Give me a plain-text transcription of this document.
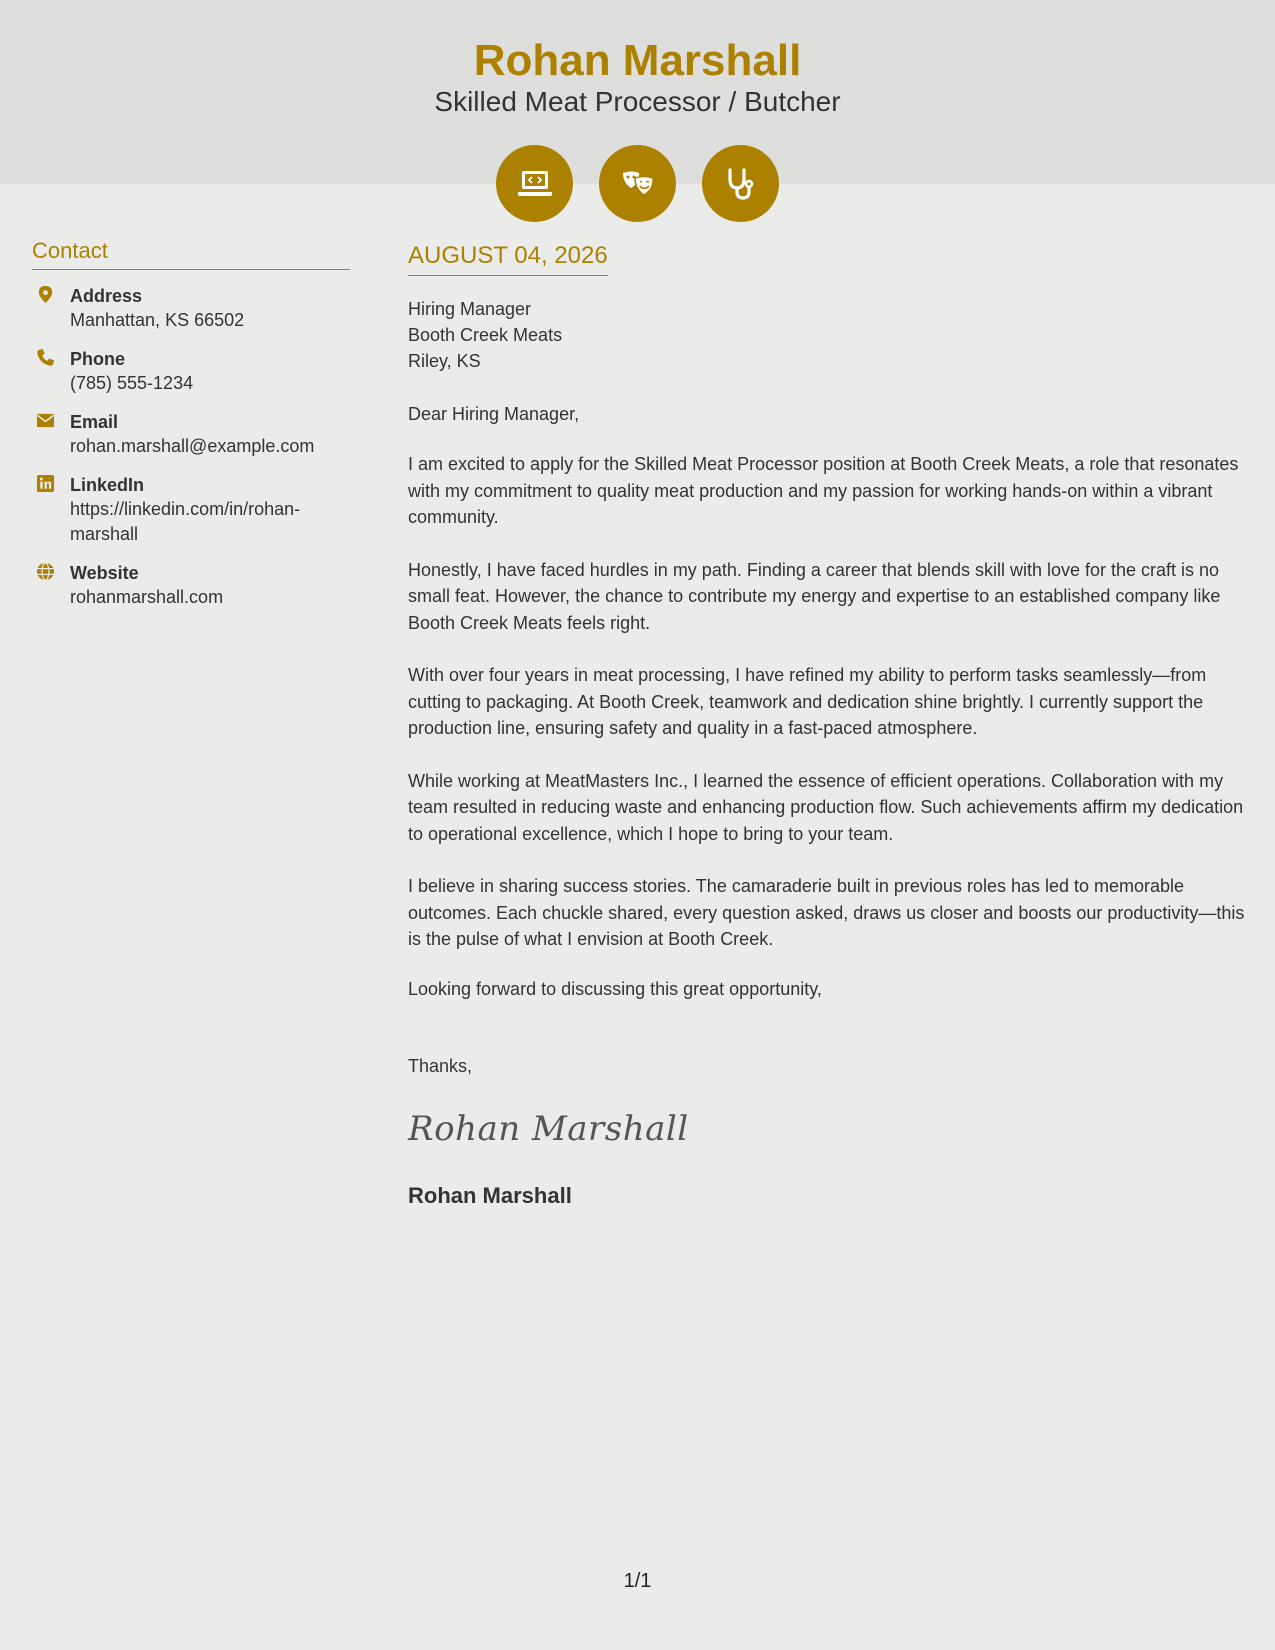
Rohan Marshall
Skilled Meat Processor / Butcher
Contact
Address
Manhattan, KS 66502
Phone
(785) 555-1234
Email
rohan.marshall@example.com
LinkedIn
https://linkedin.com/in/rohan-marshall
Website
rohanmarshall.com
AUGUST 04, 2026
Hiring Manager
Booth Creek Meats
Riley, KS
Dear Hiring Manager,
I am excited to apply for the Skilled Meat Processor position at Booth Creek Meats, a role that resonates with my commitment to quality meat production and my passion for working hands-on within a vibrant community.
Honestly, I have faced hurdles in my path. Finding a career that blends skill with love for the craft is no small feat. However, the chance to contribute my energy and expertise to an established company like Booth Creek Meats feels right.
With over four years in meat processing, I have refined my ability to perform tasks seamlessly—from cutting to packaging. At Booth Creek, teamwork and dedication shine brightly. I currently support the production line, ensuring safety and quality in a fast-paced atmosphere.
While working at MeatMasters Inc., I learned the essence of efficient operations. Collaboration with my team resulted in reducing waste and enhancing production flow. Such achievements affirm my dedication to operational excellence, which I hope to bring to your team.
I believe in sharing success stories. The camaraderie built in previous roles has led to memorable outcomes. Each chuckle shared, every question asked, draws us closer and boosts our productivity—this is the pulse of what I envision at Booth Creek.
Looking forward to discussing this great opportunity,
Thanks,
Rohan Marshall
Rohan Marshall
1/1
